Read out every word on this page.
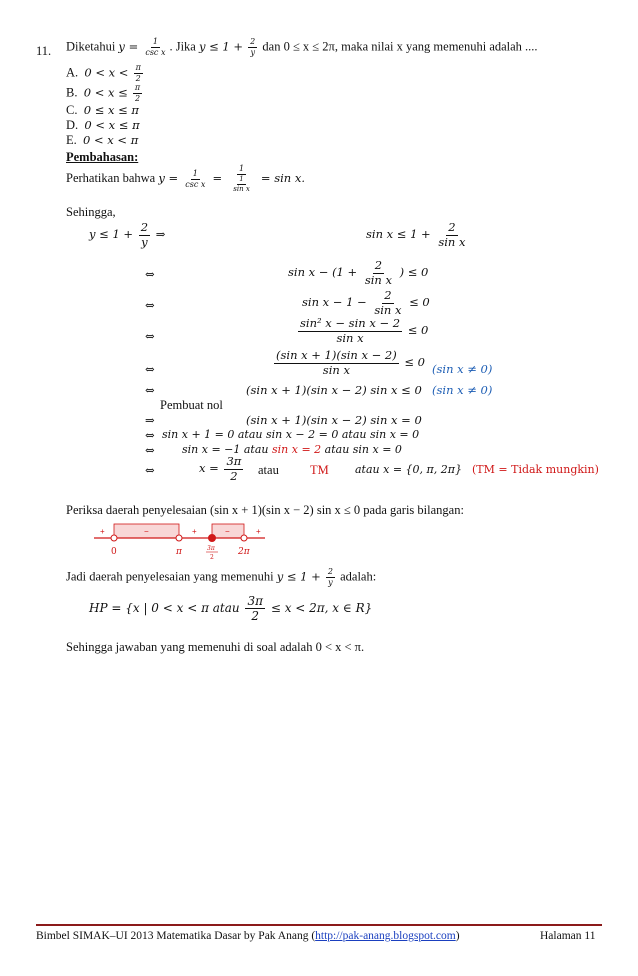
11. Diketahui $y = \frac{1}{\text{csc x}}$ . Jika $y \le 1 + \frac{2}{y}$ dan 0 ≤ x ≤ 2π, maka nilai x yang memenuhi adalah ....
A. $0 < x < \frac{\pi}{2}$
B. $0 < x \le \frac{\pi}{2}$
C. 0 ≤ x ≤ π
D. 0 < x ≤ π
E. 0 < x < π
Pembahasan:
Perhatikan bahwa $y = \frac{1}{\text{csc x}} = \frac{1}{\frac{1}{\text{sin x}}} = \sin x$.
Sehingga,
$y \le 1 + \frac{2}{y}$ ⇒	$\sin x \le 1 + \frac{2}{\text{sin x}}$
⇔	$\sin x - (1 + \frac{2}{\text{sin x}}$ ) ≤ 0
⇔	$\sin x - 1 - \frac{2}{\text{sin x}} \le 0$
⇔	$\frac{\text{sin² x − sin x − 2}}{\text{sin x}} \le 0$
⇔	$\frac{\text{(sin x + 1)(sin x − 2)}}{\text{sin x}} \le 0$ (sin x ≠ 0)
⇔	(sin x + 1)(sin x − 2) sin x ≤ 0 (sin x ≠ 0)
Pembuat nol
⇒	(sin x + 1)(sin x − 2) sin x = 0
⇔ sin x + 1 = 0 atau sin x − 2 = 0 atau sin x = 0
⇔ sin x = −1 atau sin x = 2 atau sin x = 0
⇔	$x = \frac{3\pi}{2}$ atau TM atau x = {0, π, 2π} (TM = Tidak mungkin)
Periksa daerah penyelesaian (sin x + 1)(sin x − 2) sin x ≤ 0 pada garis bilangan:
+	−	+	−	+
0	π	3π
2
2π
Jadi daerah penyelesaian yang memenuhi $y \le 1 + \frac{2}{y}$ adalah:
HP = {x | 0 < x < π atau $\frac{3\pi}{2} \le x < 2\pi$, x ∈ R}
Sehingga jawaban yang memenuhi di soal adalah 0 < x < π.
Bimbel SIMAK–UI 2013 Matematika Dasar by Pak Anang (http://pak-anang.blogspot.com)	Halaman 11
